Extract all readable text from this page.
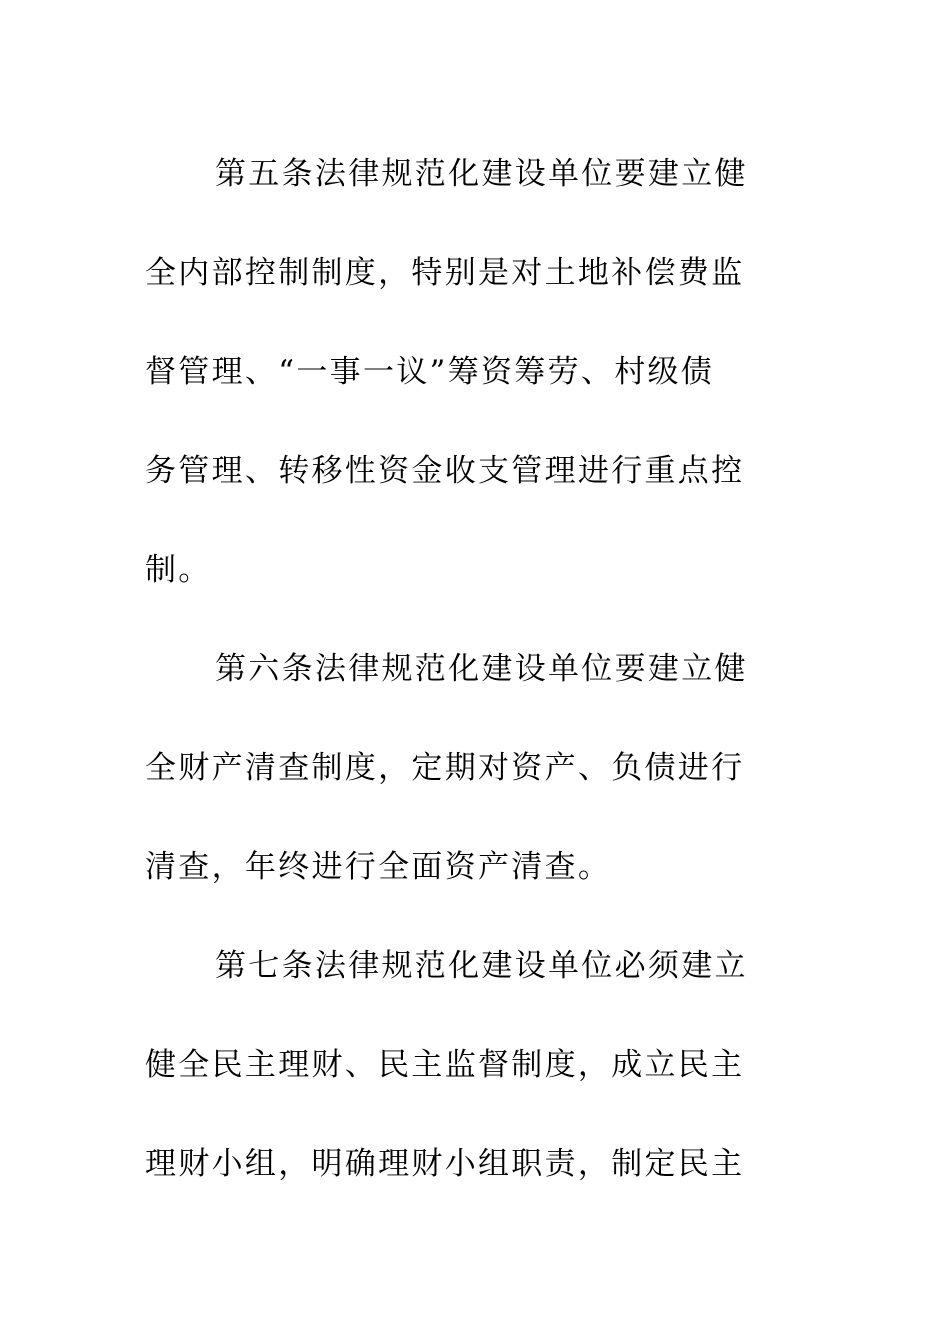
第五条法律规范化建设单位要建立健
全内部控制制度，特别是对土地补偿费监
督管理、“一事一议”筹资筹劳、村级债
务管理、转移性资金收支管理进行重点控
制。
第六条法律规范化建设单位要建立健
全财产清查制度，定期对资产、负债进行
清查，年终进行全面资产清查。
第七条法律规范化建设单位必须建立
健全民主理财、民主监督制度，成立民主
理财小组，明确理财小组职责，制定民主
